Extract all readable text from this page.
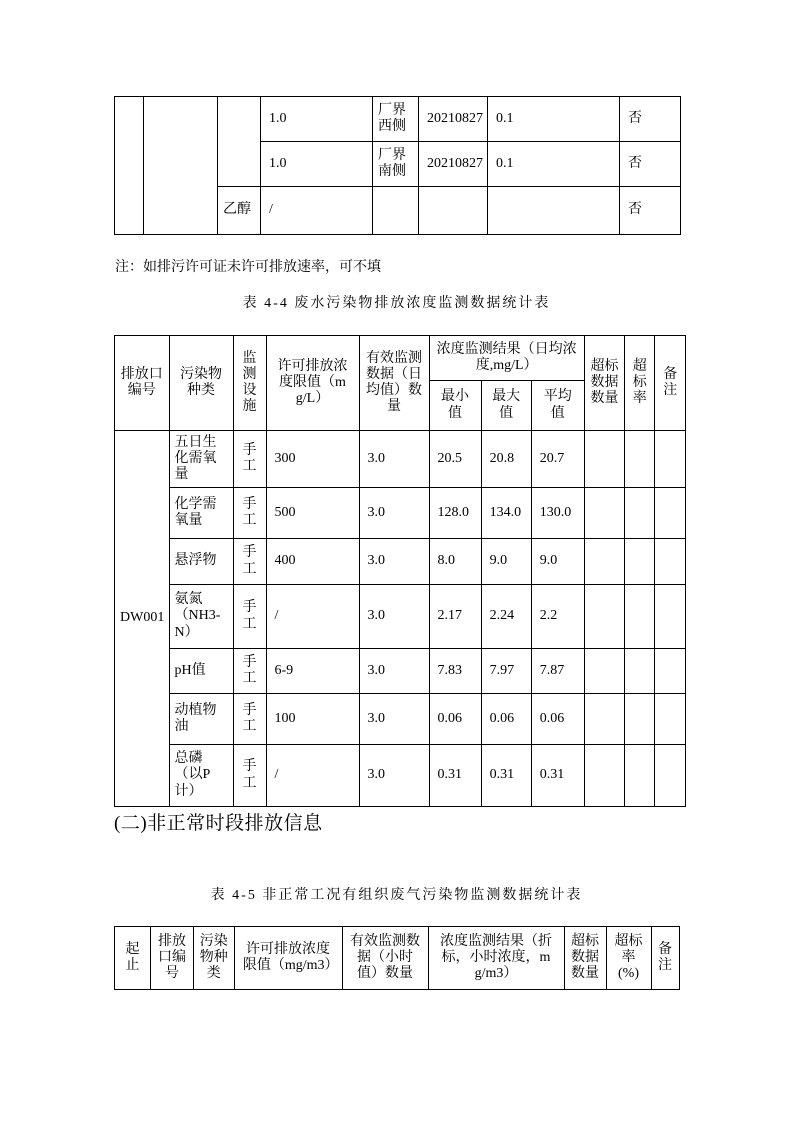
			1.0	厂界西侧	20210827	0.1	否
			1.0	厂界南侧	20210827	0.1	否
		乙醇	/				否
注：如排污许可证未许可排放速率，可不填
表 4-4 废水污染物排放浓度监测数据统计表
排放口编号	污染物种类	监测设施	许可排放浓度限值（mg/L）	有效监测数据（日均值）数量	浓度监测结果（日均浓度,mg/L）			超标数据数量	超标率	备注
					最小值	最大值	平均值			
DW001	五日生化需氧量	手工	300	3.0	20.5	20.8	20.7			
	化学需氧量	手工	500	3.0	128.0	134.0	130.0			
	悬浮物	手工	400	3.0	8.0	9.0	9.0			
	氨氮（NH3-N）	手工	/	3.0	2.17	2.24	2.2			
	pH值	手工	6-9	3.0	7.83	7.97	7.87			
	动植物油	手工	100	3.0	0.06	0.06	0.06			
	总磷（以P计）	手工	/	3.0	0.31	0.31	0.31			
(二)非正常时段排放信息
表 4-5 非正常工况有组织废气污染物监测数据统计表
起止	排放口编号	污染物种类	许可排放浓度限值（mg/m3）	有效监测数据（小时值）数量	浓度监测结果（折标，小时浓度，mg/m3）	超标数据数量	超标率(%)	备注
